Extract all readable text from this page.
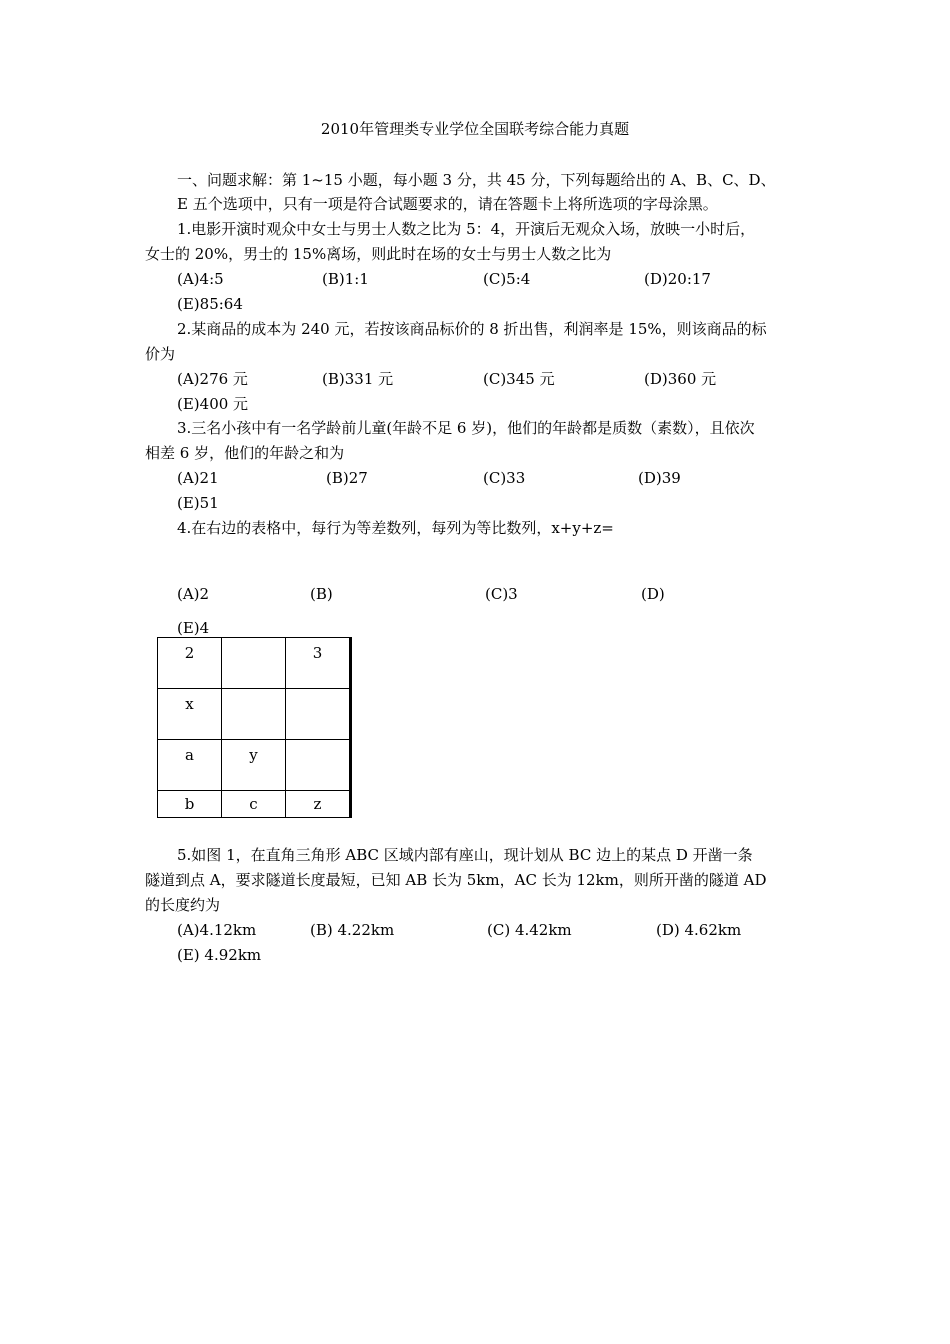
2010年管理类专业学位全国联考综合能力真题
一、问题求解：第 1~15 小题，每小题 3 分，共 45 分，下列每题给出的 A、B、C、D、
E 五个选项中，只有一项是符合试题要求的，请在答题卡上将所选项的字母涂黑。
1.电影开演时观众中女士与男士人数之比为 5：4，开演后无观众入场，放映一小时后，
女士的 20%，男士的 15%离场，则此时在场的女士与男士人数之比为
(A)4:5	(B)1:1	(C)5:4	(D)20:17
(E)85:64
2.某商品的成本为 240 元，若按该商品标价的 8 折出售，利润率是 15%，则该商品的标
价为
(A)276 元	(B)331 元	(C)345 元	(D)360 元
(E)400 元
3.三名小孩中有一名学龄前儿童(年龄不足 6 岁)，他们的年龄都是质数（素数），且依次
相差 6 岁，他们的年龄之和为
(A)21	(B)27	(C)33	(D)39
(E)51
4.在右边的表格中，每行为等差数列，每列为等比数列，x+y+z=
(A)2	(B)	(C)3	(D)
(E)4
2		3
x		
a	y	
b	c	z
5.如图 1，在直角三角形 ABC 区域内部有座山，现计划从 BC 边上的某点 D 开凿一条
隧道到点 A，要求隧道长度最短，已知 AB 长为 5km，AC 长为 12km，则所开凿的隧道 AD
的长度约为
(A)4.12km	(B) 4.22km	(C) 4.42km	(D) 4.62km
(E) 4.92km
